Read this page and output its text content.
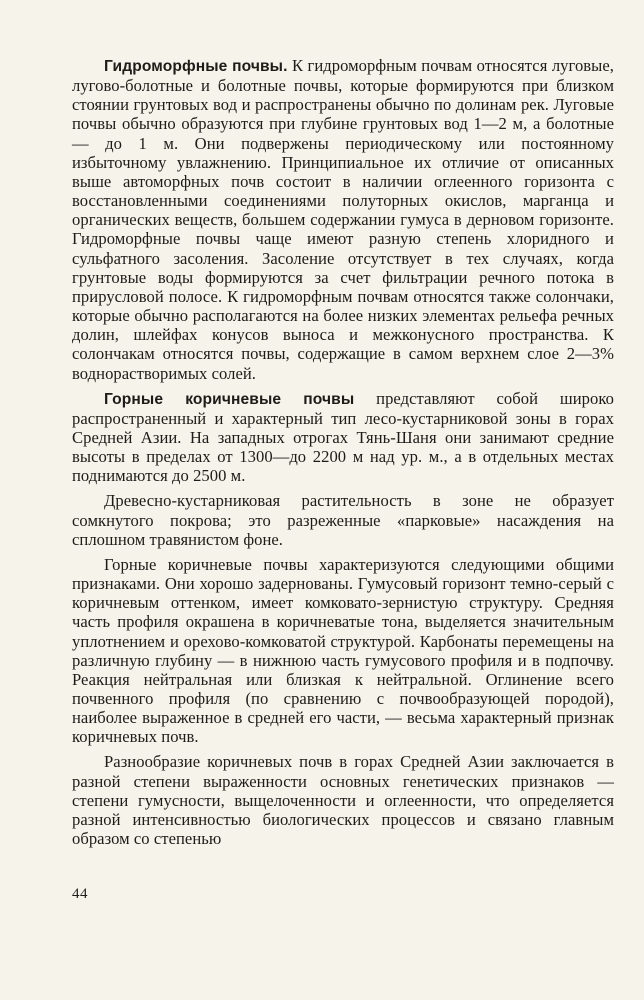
Гидроморфные почвы. К гидроморфным почвам относятся луговые, лугово-болотные и болотные почвы, которые формируются при близком стоянии грунтовых вод и распространены обычно по долинам рек. Луговые почвы обычно образуются при глубине грунтовых вод 1—2 м, а болотные — до 1 м. Они подвержены периодическому или постоянному избыточному увлажнению. Принципиальное их отличие от описанных выше автоморфных почв состоит в наличии оглеенного горизонта с восстановленными соединениями полуторных окислов, марганца и органических веществ, большем содержании гумуса в дерновом горизонте. Гидроморфные почвы чаще имеют разную степень хлоридного и сульфатного засоления. Засоление отсутствует в тех случаях, когда грунтовые воды формируются за счет фильтрации речного потока в прирусловой полосе. К гидроморфным почвам относятся также солончаки, которые обычно располагаются на более низких элементах рельефа речных долин, шлейфах конусов выноса и межконусного пространства. К солончакам относятся почвы, содержащие в самом верхнем слое 2—3% воднорастворимых солей.

Горные коричневые почвы представляют собой широко распространенный и характерный тип лесо-кустарниковой зоны в горах Средней Азии. На западных отрогах Тянь-Шаня они занимают средние высоты в пределах от 1300—до 2200 м над ур. м., а в отдельных местах поднимаются до 2500 м.

Древесно-кустарниковая растительность в зоне не образует сомкнутого покрова; это разреженные «парковые» насаждения на сплошном травянистом фоне.

Горные коричневые почвы характеризуются следующими общими признаками. Они хорошо задернованы. Гумусовый горизонт темно-серый с коричневым оттенком, имеет комковато-зернистую структуру. Средняя часть профиля окрашена в коричневатые тона, выделяется значительным уплотнением и орехово-комковатой структурой. Карбонаты перемещены на различную глубину — в нижнюю часть гумусового профиля и в подпочву. Реакция нейтральная или близкая к нейтральной. Оглинение всего почвенного профиля (по сравнению с почвообразующей породой), наиболее выраженное в средней его части, — весьма характерный признак коричневых почв.

Разнообразие коричневых почв в горах Средней Азии заключается в разной степени выраженности основных генетических признаков — степени гумусности, выщелоченности и оглеенности, что определяется разной интенсивностью биологических процессов и связано главным образом со степенью

44
